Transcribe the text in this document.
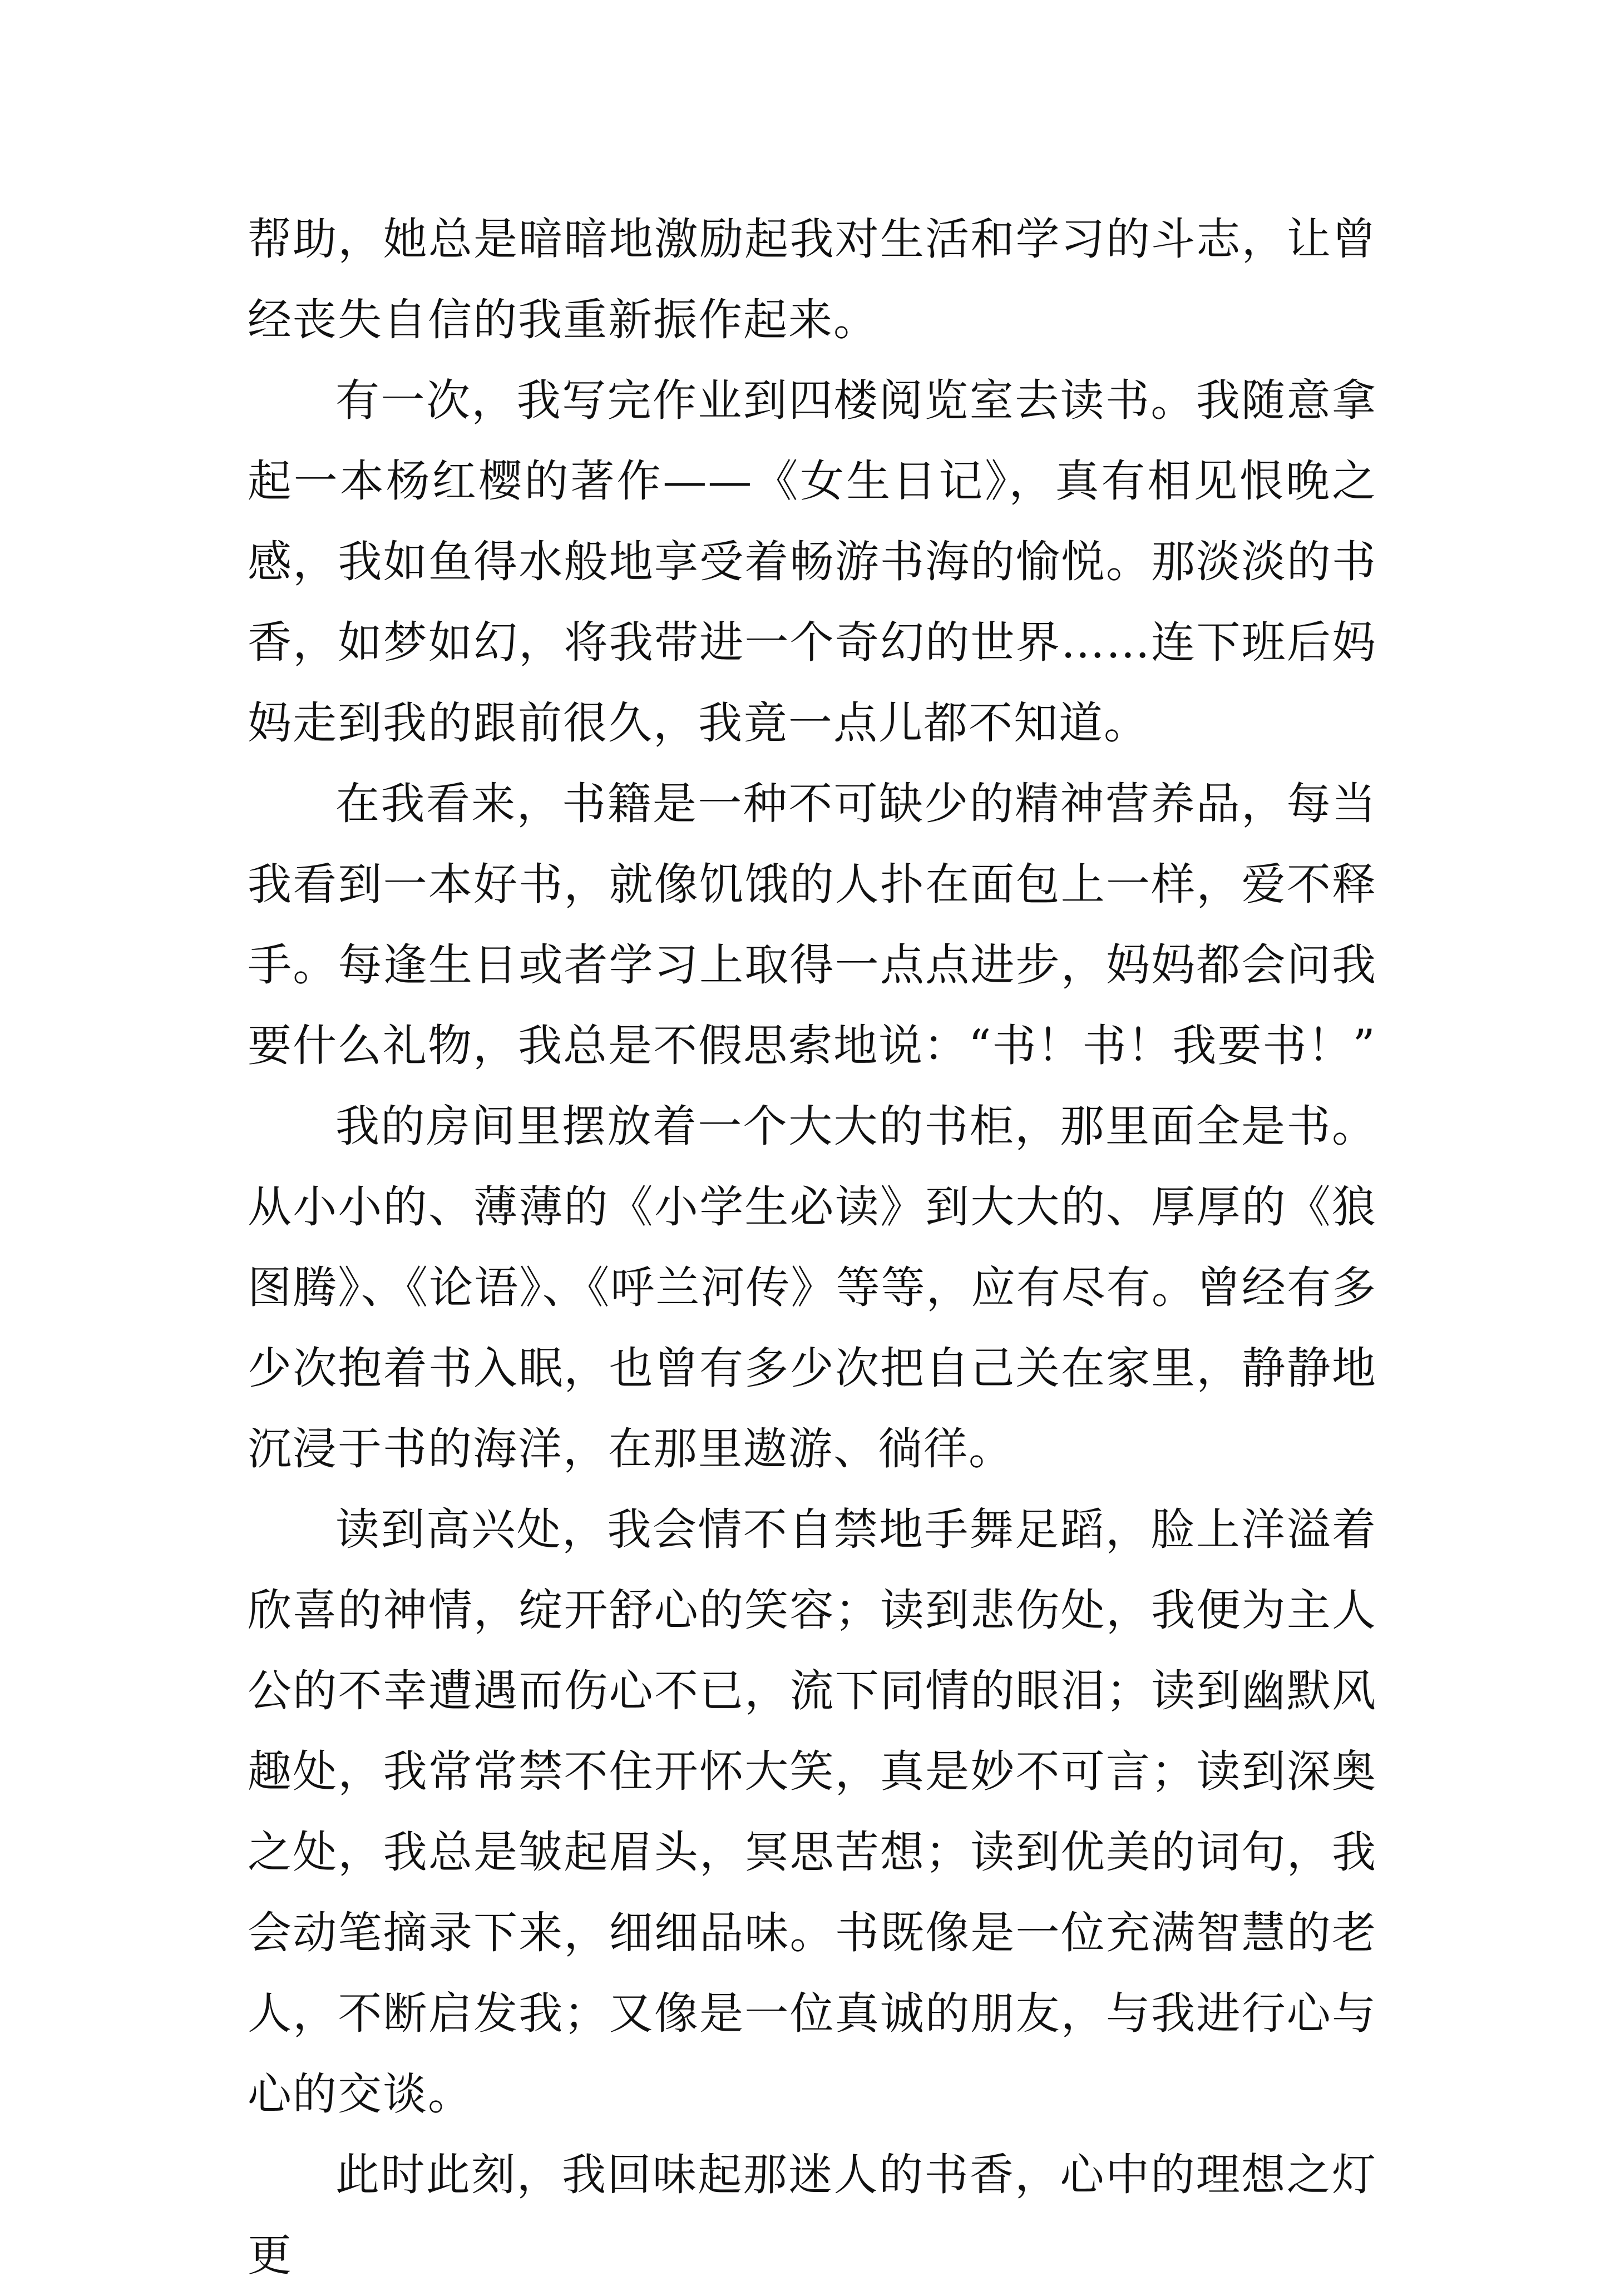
帮助，她总是暗暗地激励起我对生活和学习的斗志，让曾经丧失自信的我重新振作起来。

有一次，我写完作业到四楼阅览室去读书。我随意拿起一本杨红樱的著作——《女生日记》，真有相见恨晚之感，我如鱼得水般地享受着畅游书海的愉悦。那淡淡的书香，如梦如幻，将我带进一个奇幻的世界……连下班后妈妈走到我的跟前很久，我竟一点儿都不知道。

在我看来，书籍是一种不可缺少的精神营养品，每当我看到一本好书，就像饥饿的人扑在面包上一样，爱不释手。每逢生日或者学习上取得一点点进步，妈妈都会问我要什么礼物，我总是不假思索地说：“书！书！我要书！”

我的房间里摆放着一个大大的书柜，那里面全是书。从小小的、薄薄的《小学生必读》到大大的、厚厚的《狼图腾》、《论语》、《呼兰河传》等等，应有尽有。曾经有多少次抱着书入眠，也曾有多少次把自己关在家里，静静地沉浸于书的海洋，在那里遨游、徜徉。

读到高兴处，我会情不自禁地手舞足蹈，脸上洋溢着欣喜的神情，绽开舒心的笑容；读到悲伤处，我便为主人公的不幸遭遇而伤心不已，流下同情的眼泪；读到幽默风趣处，我常常禁不住开怀大笑，真是妙不可言；读到深奥之处，我总是皱起眉头，冥思苦想；读到优美的词句，我会动笔摘录下来，细细品味。书既像是一位充满智慧的老人，不断启发我；又像是一位真诚的朋友，与我进行心与心的交谈。

此时此刻，我回味起那迷人的书香，心中的理想之灯更
